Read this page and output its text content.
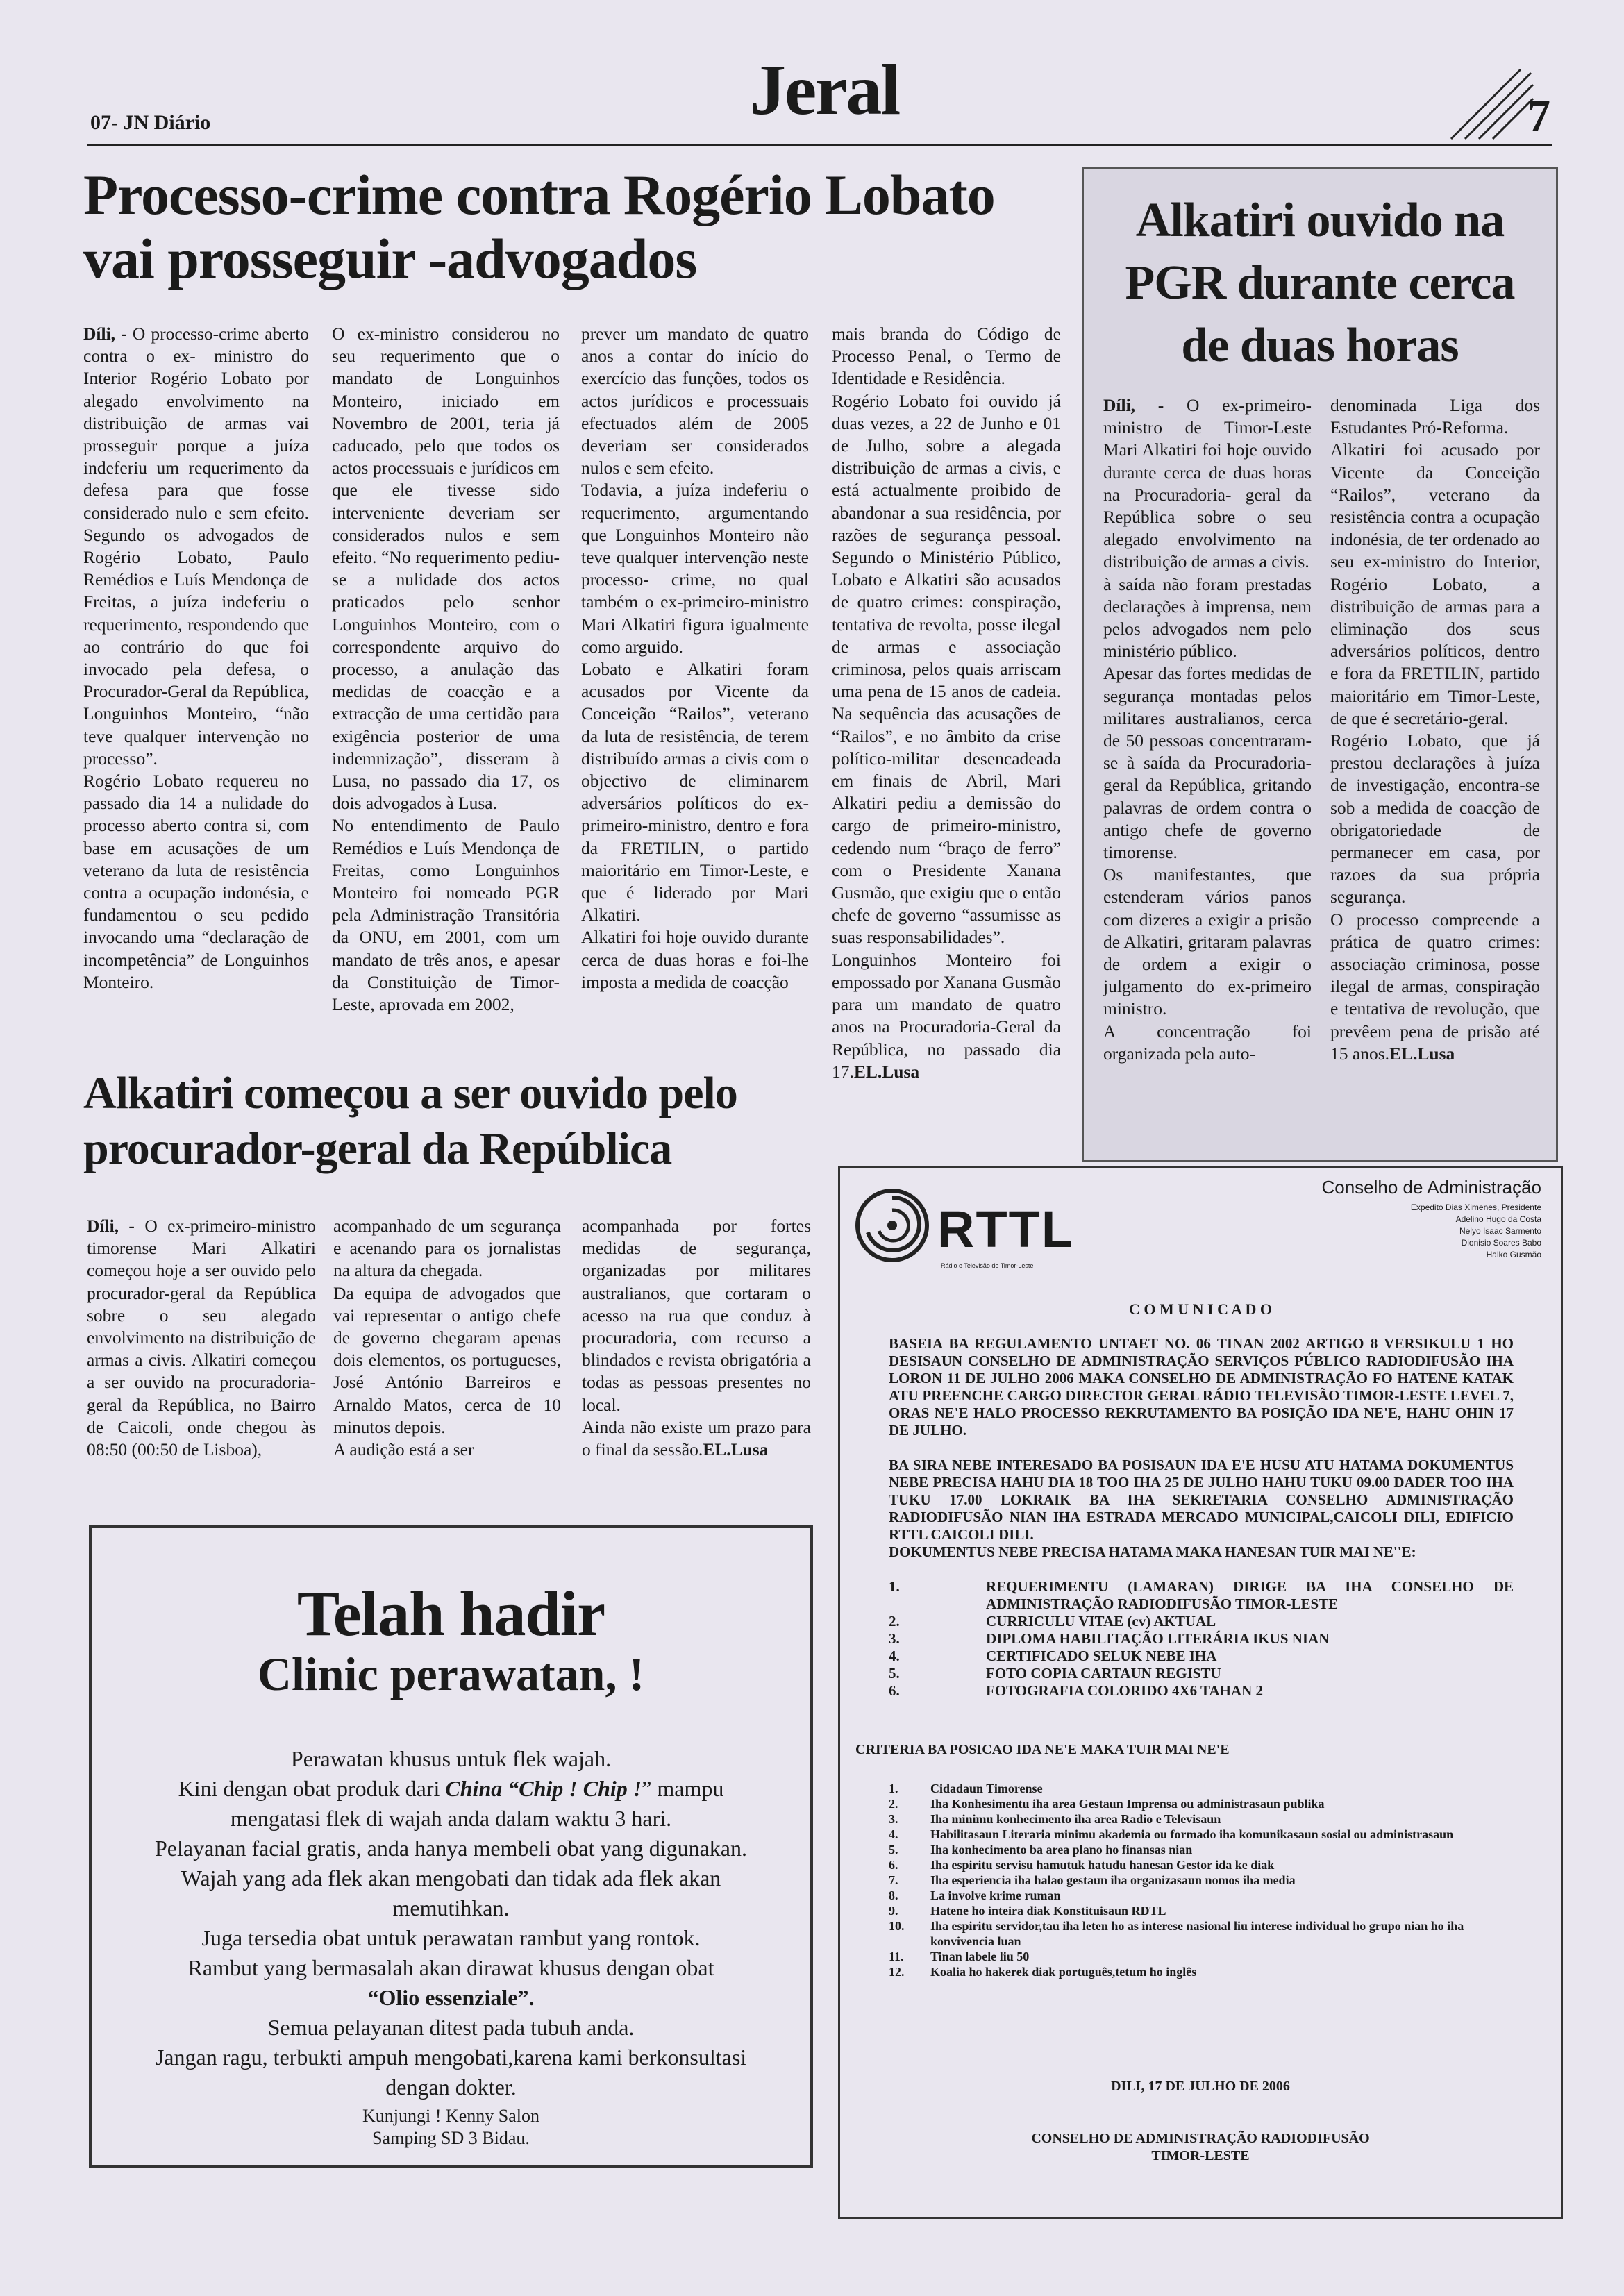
07- JN Diário	Jeral	7
Processo-crime contra Rogério Lobato
vai prosseguir -advogados

Díli, - O processo-crime aberto contra o ex- ministro do Interior Rogério Lobato por alegado envolvimento na distribuição de armas vai prosseguir porque a juíza indeferiu um requerimento da defesa para que fosse considerado nulo e sem efeito. Segundo os advogados de Rogério Lobato, Paulo Remédios e Luís Mendonça de Freitas, a juíza indeferiu o requerimento, respondendo que ao contrário do que foi invocado pela defesa, o Procurador-Geral da República, Longuinhos Monteiro, “não teve qualquer intervenção no processo”.

Rogério Lobato requereu no passado dia 14 a nulidade do processo aberto contra si, com base em acusações de um veterano da luta de resistência contra a ocupação indonésia, e fundamentou o seu pedido invocando uma “declaração de incompetência” de Longuinhos Monteiro.

O ex-ministro considerou no seu requerimento que o mandato de Longuinhos Monteiro, iniciado em Novembro de 2001, teria já caducado, pelo que todos os actos processuais e jurídicos em que ele tivesse sido interveniente deveriam ser considerados nulos e sem efeito. “No requerimento pediu-se a nulidade dos actos praticados pelo senhor Longuinhos Monteiro, com o correspondente arquivo do processo, a anulação das medidas de coacção e a extracção de uma certidão para exigência posterior de uma indemnização”, disseram à Lusa, no passado dia 17, os dois advogados à Lusa.

No entendimento de Paulo Remédios e Luís Mendonça de Freitas, como Longuinhos Monteiro foi nomeado PGR pela Administração Transitória da ONU, em 2001, com um mandato de três anos, e apesar da Constituição de Timor-Leste, aprovada em 2002,

prever um mandato de quatro anos a contar do início do exercício das funções, todos os actos jurídicos e processuais efectuados além de 2005 deveriam ser considerados nulos e sem efeito.

Todavia, a juíza indeferiu o requerimento, argumentando que Longuinhos Monteiro não teve qualquer intervenção neste processo- crime, no qual também o ex-primeiro-ministro Mari Alkatiri figura igualmente como arguido.

Lobato e Alkatiri foram acusados por Vicente da Conceição “Railos”, veterano da luta de resistência, de terem distribuído armas a civis com o objectivo de eliminarem adversários políticos do ex-primeiro-ministro, dentro e fora da FRETILIN, o partido maioritário em Timor-Leste, e que é liderado por Mari Alkatiri.

Alkatiri foi hoje ouvido durante cerca de duas horas e foi-lhe imposta a medida de coacção

mais branda do Código de Processo Penal, o Termo de Identidade e Residência.

Rogério Lobato foi ouvido já duas vezes, a 22 de Junho e 01 de Julho, sobre a alegada distribuição de armas a civis, e está actualmente proibido de abandonar a sua residência, por razões de segurança pessoal. Segundo o Ministério Público, Lobato e Alkatiri são acusados de quatro crimes: conspiração, tentativa de revolta, posse ilegal de armas e associação criminosa, pelos quais arriscam uma pena de 15 anos de cadeia. Na sequência das acusações de “Railos”, e no âmbito da crise político-militar desencadeada em finais de Abril, Mari Alkatiri pediu a demissão do cargo de primeiro-ministro, cedendo num “braço de ferro” com o Presidente Xanana Gusmão, que exigiu que o então chefe de governo “assumisse as suas responsabilidades”.

Longuinhos Monteiro foi empossado por Xanana Gusmão para um mandato de quatro anos na Procuradoria-Geral da República, no passado dia 17.EL.Lusa

Alkatiri ouvido na
PGR durante cerca
de duas horas

Díli, - O ex-primeiro-ministro de Timor-Leste Mari Alkatiri foi hoje ouvido durante cerca de duas horas na Procuradoria- geral da República sobre o seu alegado envolvimento na distribuição de armas a civis.

à saída não foram prestadas declarações à imprensa, nem pelos advogados nem pelo ministério público.

Apesar das fortes medidas de segurança montadas pelos militares australianos, cerca de 50 pessoas concentraram-se à saída da Procuradoria-geral da República, gritando palavras de ordem contra o antigo chefe de governo timorense.

Os manifestantes, que estenderam vários panos com dizeres a exigir a prisão de Alkatiri, gritaram palavras de ordem a exigir o julgamento do ex-primeiro ministro.

A concentração foi organizada pela auto-

denominada Liga dos Estudantes Pró-Reforma.

Alkatiri foi acusado por Vicente da Conceição “Railos”, veterano da resistência contra a ocupação indonésia, de ter ordenado ao seu ex-ministro do Interior, Rogério Lobato, a distribuição de armas para a eliminação dos seus adversários políticos, dentro e fora da FRETILIN, partido maioritário em Timor-Leste, de que é secretário-geral.

Rogério Lobato, que já prestou declarações à juíza de investigação, encontra-se sob a medida de coacção de obrigatoriedade de permanecer em casa, por razoes da sua própria segurança.

O processo compreende a prática de quatro crimes: associação criminosa, posse ilegal de armas, conspiração e tentativa de revolução, que prevêem pena de prisão até 15 anos.EL.Lusa

Alkatiri começou a ser ouvido pelo
procurador-geral da República

Díli, - O ex-primeiro-ministro timorense Mari Alkatiri começou hoje a ser ouvido pelo procurador-geral da República sobre o seu alegado envolvimento na distribuição de armas a civis. Alkatiri começou a ser ouvido na procuradoria-geral da República, no Bairro de Caicoli, onde chegou às 08:50 (00:50 de Lisboa),

acompanhado de um segurança e acenando para os jornalistas na altura da chegada.

Da equipa de advogados que vai representar o antigo chefe de governo chegaram apenas dois elementos, os portugueses, José António Barreiros e Arnaldo Matos, cerca de 10 minutos depois.

A audição está a ser

acompanhada por fortes medidas de segurança, organizadas por militares australianos, que cortaram o acesso na rua que conduz à procuradoria, com recurso a blindados e revista obrigatória a todas as pessoas presentes no local.

Ainda não existe um prazo para o final da sessão.EL.Lusa

Telah hadir
Clinic perawatan, !
Perawatan khusus untuk flek wajah.
Kini dengan obat produk dari China “Chip ! Chip !” mampu mengatasi flek di wajah anda dalam waktu 3 hari.
Pelayanan facial gratis, anda hanya membeli obat yang digunakan.
Wajah yang ada flek akan mengobati dan tidak ada flek akan memutihkan.
Juga tersedia obat untuk perawatan rambut yang rontok.
Rambut yang bermasalah akan dirawat khusus dengan obat
“Olio essenziale”.
Semua pelayanan ditest pada tubuh anda.
Jangan ragu, terbukti ampuh mengobati,karena kami berkonsultasi dengan dokter.
Kunjungi ! Kenny Salon
Samping SD 3 Bidau.
Conselho de Administração
Expedito Dias Ximenes, Presidente
Adelino Hugo da Costa
Nelyo Isaac Sarmento
Dionisio Soares Babo
Halko Gusmão
RTTL
Rádio e Televisão de Timor-Leste
C O M U N I C A D O
BASEIA BA REGULAMENTO UNTAET NO. 06 TINAN 2002 ARTIGO 8 VERSIKULU 1 HO DESISAUN CONSELHO DE ADMINISTRAÇÃO SERVIÇOS PÚBLICO RADIODIFUSÃO IHA LORON 11 DE JULHO 2006 MAKA CONSELHO DE ADMINISTRAÇÃO FO HATENE KATAK ATU PREENCHE CARGO DIRECTOR GERAL RÁDIO TELEVISÃO TIMOR-LESTE LEVEL 7, ORAS NE'E HALO PROCESSO REKRUTAMENTO BA POSIÇÃO IDA NE'E, HAHU OHIN 17 DE JULHO.
BA SIRA NEBE INTERESADO BA POSISAUN IDA E'E HUSU ATU HATAMA DOKUMENTUS NEBE PRECISA HAHU DIA 18 TOO IHA 25 DE JULHO HAHU TUKU 09.00 DADER TOO IHA TUKU 17.00 LOKRAIK BA IHA SEKRETARIA CONSELHO ADMINISTRAÇÃO RADIODIFUSÃO NIAN IHA ESTRADA MERCADO MUNICIPAL,CAICOLI DILI, EDIFICIO RTTL CAICOLI DILI.
DOKUMENTUS NEBE PRECISA HATAMA MAKA HANESAN TUIR MAI NE''E:
1.	REQUERIMENTU (LAMARAN) DIRIGE BA IHA CONSELHO DE ADMINISTRAÇÃO RADIODIFUSÃO TIMOR-LESTE
2.	CURRICULU VITAE (cv) AKTUAL
3.	DIPLOMA HABILITAÇÃO LITERÁRIA IKUS NIAN
4.	CERTIFICADO SELUK NEBE IHA
5.	FOTO COPIA CARTAUN REGISTU
6.	FOTOGRAFIA COLORIDO 4X6 TAHAN 2
CRITERIA BA POSICAO IDA NE'E MAKA TUIR MAI NE'E
1.	Cidadaun Timorense
2.	Iha Konhesimentu iha area Gestaun Imprensa ou administrasaun publika
3.	Iha minimu konhecimento iha area Radio e Televisaun
4.	Habilitasaun Literaria minimu akademia ou formado iha komunikasaun sosial ou administrasaun
5.	Iha konhecimento ba area plano ho finansas nian
6.	Iha espiritu servisu hamutuk hatudu hanesan Gestor ida ke diak
7.	Iha esperiencia iha halao gestaun iha organizasaun nomos iha media
8.	La involve krime ruman
9.	Hatene ho inteira diak Konstituisaun RDTL
10.	Iha espiritu servidor,tau iha leten ho as interese nasional liu interese individual ho grupo nian ho iha konvivencia luan
11.	Tinan labele liu 50
12.	Koalia ho hakerek diak português,tetum ho inglês
DILI, 17 DE JULHO DE 2006
CONSELHO DE ADMINISTRAÇÃO RADIODIFUSÃO
TIMOR-LESTE
